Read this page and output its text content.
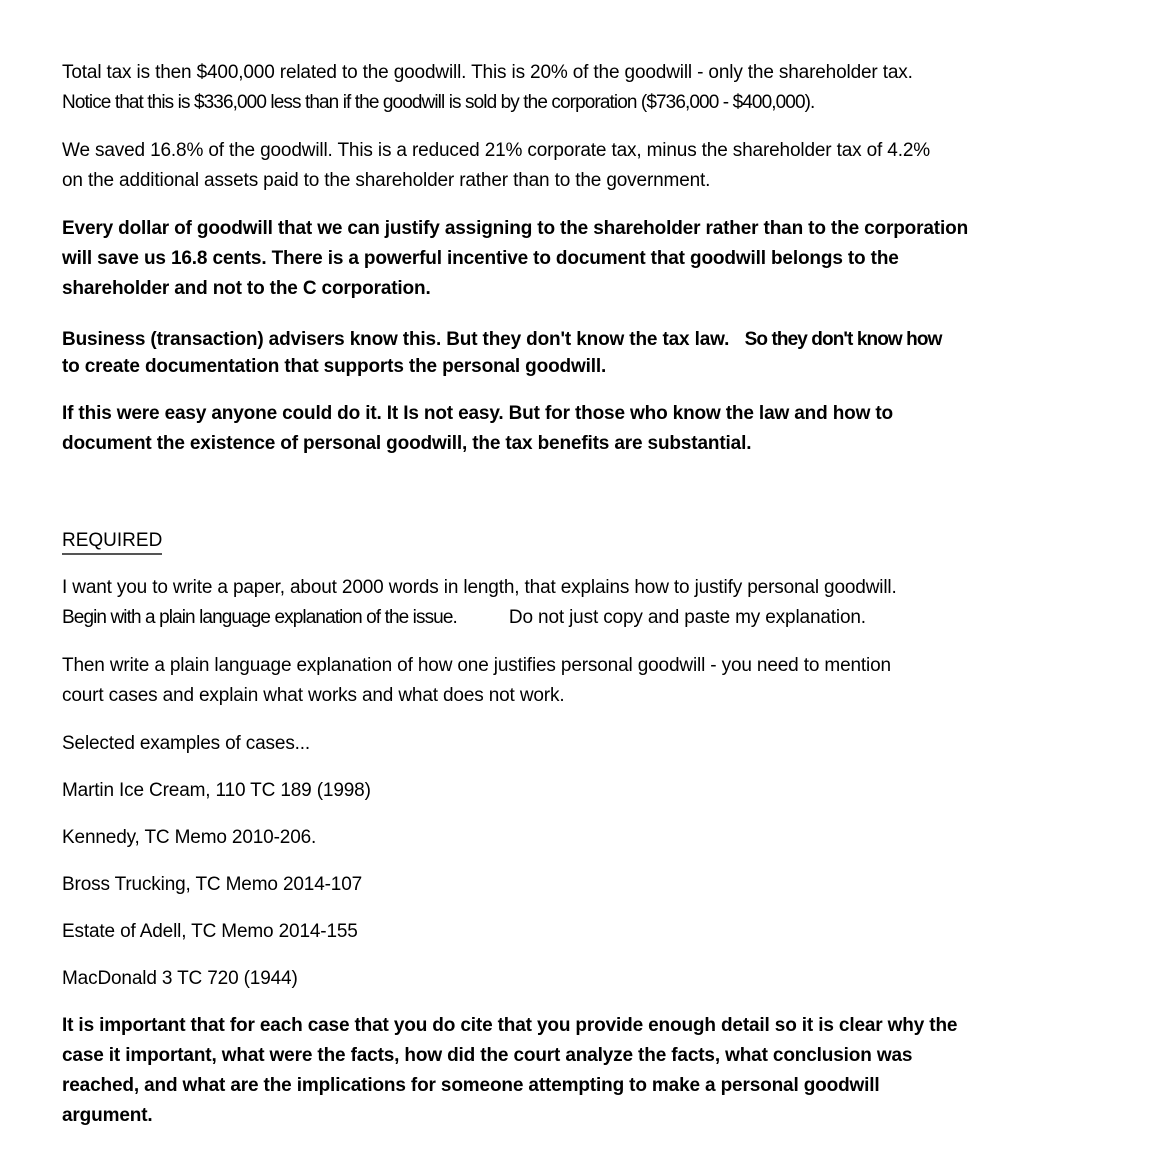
Total tax is then $400,000 related to the goodwill. This is 20% of the goodwill - only the shareholder tax.
Notice that this is $336,000 less than if the goodwill is sold by the corporation ($736,000 - $400,000).

We saved 16.8% of the goodwill. This is a reduced 21% corporate tax, minus the shareholder tax of 4.2%
on the additional assets paid to the shareholder rather than to the government.

Every dollar of goodwill that we can justify assigning to the shareholder rather than to the corporation
will save us 16.8 cents. There is a powerful incentive to document that goodwill belongs to the
shareholder and not to the C corporation.

Business (transaction) advisers know this. But they don't know the tax law. So they don't know how
to create documentation that supports the personal goodwill.

If this were easy anyone could do it. It Is not easy. But for those who know the law and how to
document the existence of personal goodwill, the tax benefits are substantial.

REQUIRED

I want you to write a paper, about 2000 words in length, that explains how to justify personal goodwill.
Begin with a plain language explanation of the issue.	Do not just copy and paste my explanation.

Then write a plain language explanation of how one justifies personal goodwill - you need to mention
court cases and explain what works and what does not work.

Selected examples of cases...

Martin Ice Cream, 110 TC 189 (1998)

Kennedy, TC Memo 2010-206.

Bross Trucking, TC Memo 2014-107

Estate of Adell, TC Memo 2014-155

MacDonald 3 TC 720 (1944)

It is important that for each case that you do cite that you provide enough detail so it is clear why the
case it important, what were the facts, how did the court analyze the facts, what conclusion was
reached, and what are the implications for someone attempting to make a personal goodwill
argument.
